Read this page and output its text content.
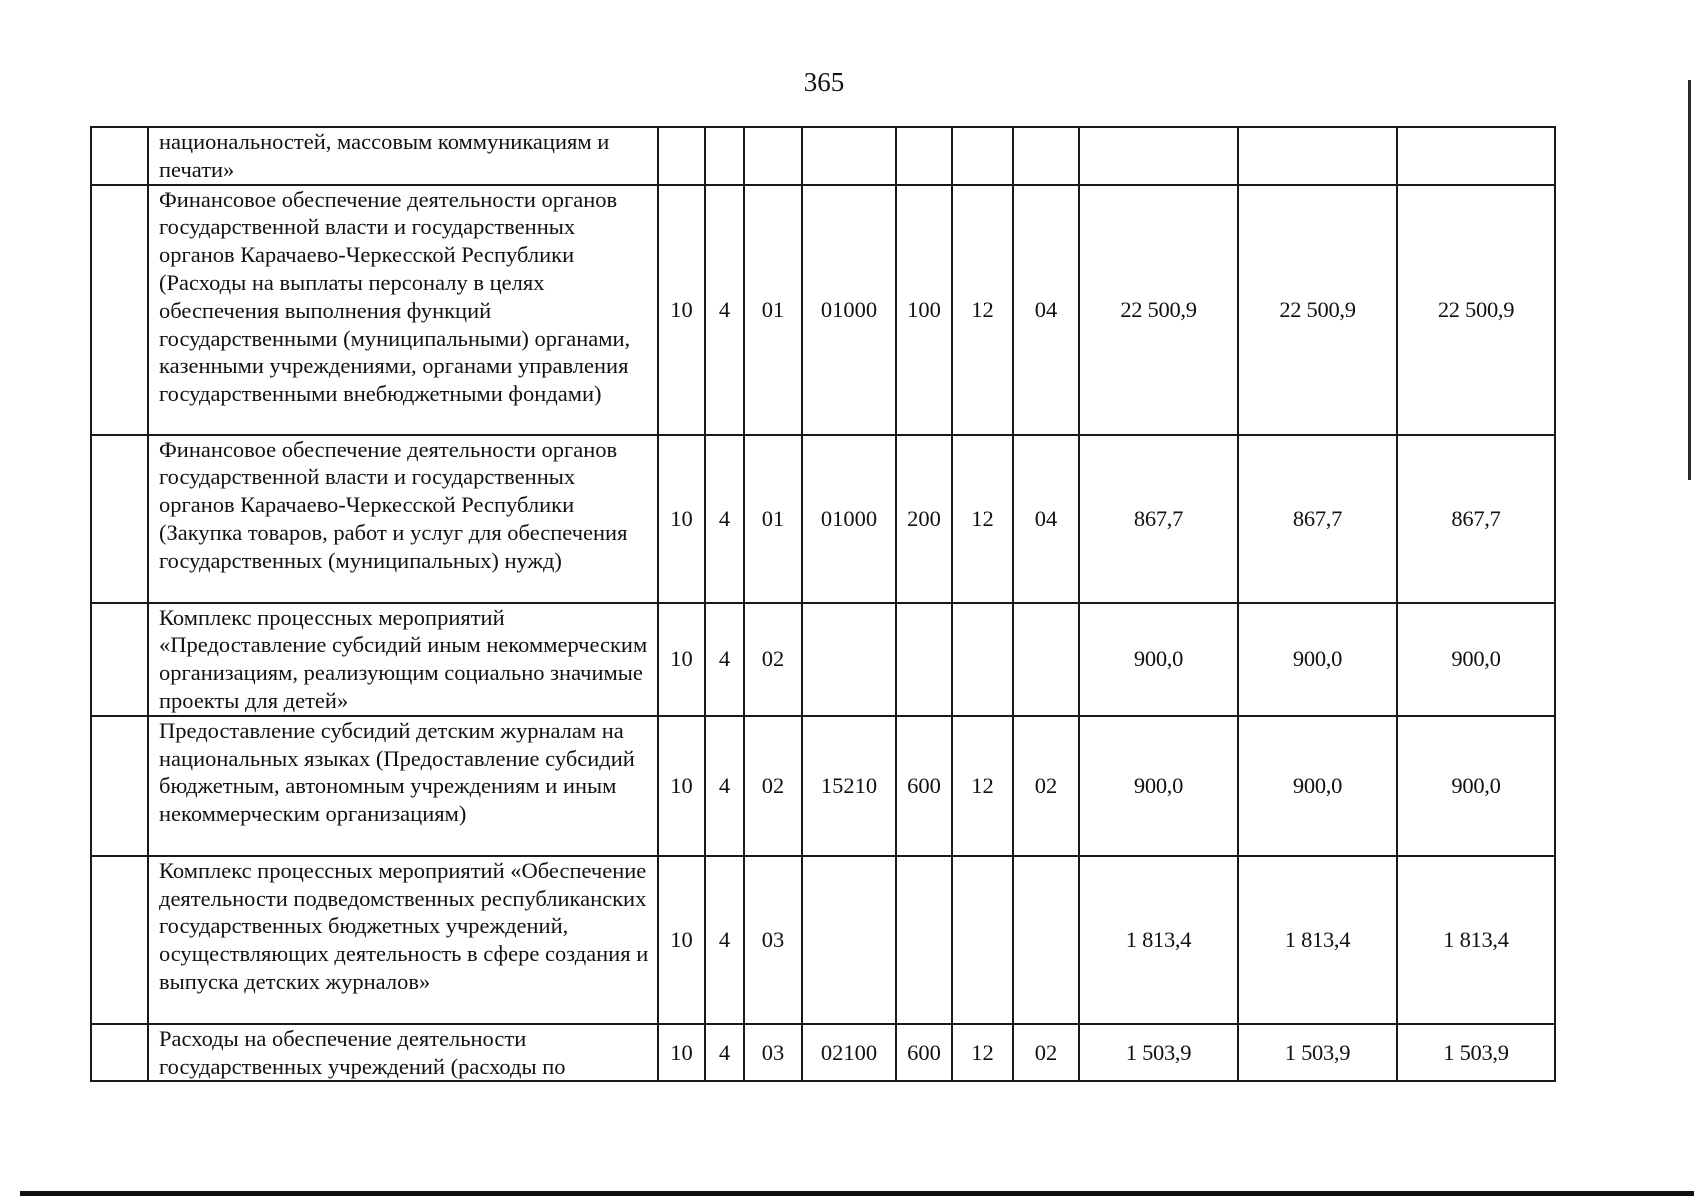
365
	национальностей, массовым коммуникациям и печати»										
	Финансовое обеспечение деятельности органов государственной власти и государственных органов Карачаево-Черкесской Республики (Расходы на выплаты персоналу в целях обеспечения выполнения функций государственными (муниципальными) органами, казенными учреждениями, органами управления государственными внебюджетными фондами)	10	4	01	01000	100	12	04	22 500,9	22 500,9	22 500,9
	Финансовое обеспечение деятельности органов государственной власти и государственных органов Карачаево-Черкесской Республики (Закупка товаров, работ и услуг для обеспечения государственных (муниципальных) нужд)	10	4	01	01000	200	12	04	867,7	867,7	867,7
	Комплекс процессных мероприятий «Предоставление субсидий иным некоммерческим организациям, реализующим социально значимые проекты для детей»	10	4	02					900,0	900,0	900,0
	Предоставление субсидий детским журналам на национальных языках (Предоставление субсидий бюджетным, автономным учреждениям и иным некоммерческим организациям)	10	4	02	15210	600	12	02	900,0	900,0	900,0
	Комплекс процессных мероприятий «Обеспечение деятельности подведомственных республиканских государственных бюджетных учреждений, осуществляющих деятельность в сфере создания и выпуска детских журналов»	10	4	03					1 813,4	1 813,4	1 813,4
	Расходы на обеспечение деятельности государственных учреждений (расходы по	10	4	03	02100	600	12	02	1 503,9	1 503,9	1 503,9
